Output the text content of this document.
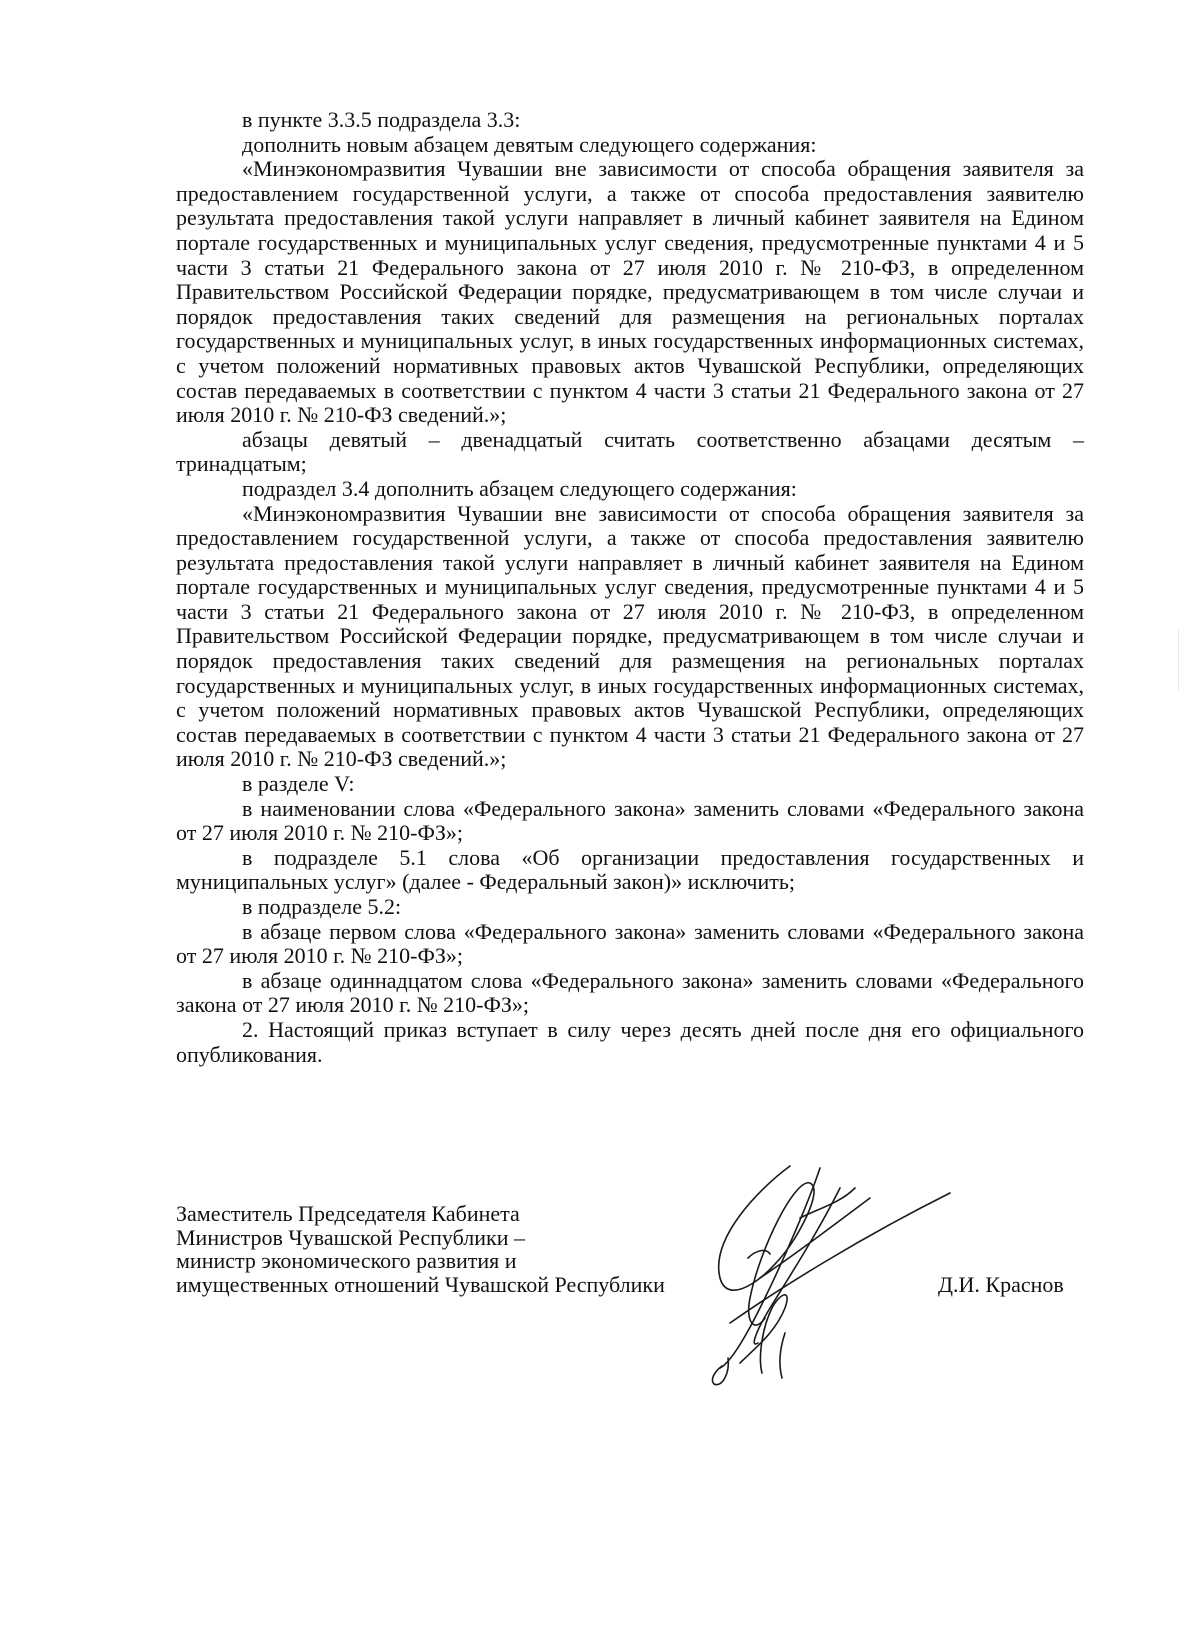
в пункте 3.3.5 подраздела 3.3:

дополнить новым абзацем девятым следующего содержания:

«Минэкономразвития Чувашии вне зависимости от способа обращения заявителя за предоставлением государственной услуги, а также от способа предоставления заявителю результата предоставления такой услуги направляет в личный кабинет заявителя на Едином портале государственных и муниципальных услуг сведения, предусмотренные пунктами 4 и 5 части 3 статьи 21 Федерального закона от 27 июля 2010 г. № 210-ФЗ, в определенном Правительством Российской Федерации порядке, предусматривающем в том числе случаи и порядок предоставления таких сведений для размещения на региональных порталах государственных и муниципальных услуг, в иных государственных информационных системах, с учетом положений нормативных правовых актов Чувашской Республики, определяющих состав передаваемых в соответствии с пунктом 4 части 3 статьи 21 Федерального закона от 27 июля 2010 г. № 210-ФЗ сведений.»;

абзацы девятый – двенадцатый считать соответственно абзацами десятым – тринадцатым;

подраздел 3.4 дополнить абзацем следующего содержания:

«Минэкономразвития Чувашии вне зависимости от способа обращения заявителя за предоставлением государственной услуги, а также от способа предоставления заявителю результата предоставления такой услуги направляет в личный кабинет заявителя на Едином портале государственных и муниципальных услуг сведения, предусмотренные пунктами 4 и 5 части 3 статьи 21 Федерального закона от 27 июля 2010 г. № 210-ФЗ, в определенном Правительством Российской Федерации порядке, предусматривающем в том числе случаи и порядок предоставления таких сведений для размещения на региональных порталах государственных и муниципальных услуг, в иных государственных информационных системах, с учетом положений нормативных правовых актов Чувашской Республики, определяющих состав передаваемых в соответствии с пунктом 4 части 3 статьи 21 Федерального закона от 27 июля 2010 г. № 210-ФЗ сведений.»;

в разделе V:

в наименовании слова «Федерального закона» заменить словами «Федерального закона от 27 июля 2010 г. № 210-ФЗ»;

в подразделе 5.1 слова «Об организации предоставления государственных и муниципальных услуг» (далее - Федеральный закон)» исключить;

в подразделе 5.2:

в абзаце первом слова «Федерального закона» заменить словами «Федерального закона от 27 июля 2010 г. № 210-ФЗ»;

в абзаце одиннадцатом слова «Федерального закона» заменить словами «Федерального закона от 27 июля 2010 г. № 210-ФЗ»;

2. Настоящий приказ вступает в силу через десять дней после дня его официального опубликования.

Заместитель Председателя Кабинета
Министров Чувашской Республики –
министр экономического развития и
имущественных отношений Чувашской Республики	Д.И. Краснов
